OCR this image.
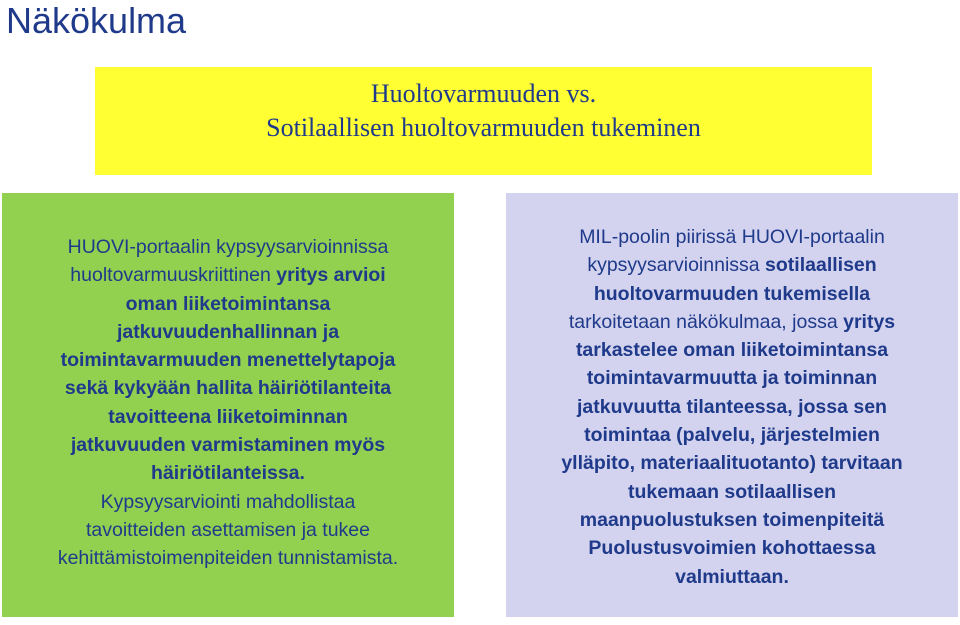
Näkökulma
Huoltovarmuuden vs.
Sotilaallisen huoltovarmuuden tukeminen
HUOVI-portaalin kypsyysarvioinnissa
huoltovarmuuskriittinen yritys arvioi
oman liiketoimintansa
jatkuvuudenhallinnan ja
toimintavarmuuden menettelytapoja
sekä kykyään hallita häiriötilanteita
tavoitteena liiketoiminnan
jatkuvuuden varmistaminen myös
häiriötilanteissa.
Kypsyysarviointi mahdollistaa
tavoitteiden asettamisen ja tukee
kehittämistoimenpiteiden tunnistamista.
MIL-poolin piirissä HUOVI-portaalin
kypsyysarvioinnissa sotilaallisen
huoltovarmuuden tukemisella
tarkoitetaan näkökulmaa, jossa yritys
tarkastelee oman liiketoimintansa
toimintavarmuutta ja toiminnan
jatkuvuutta tilanteessa, jossa sen
toimintaa (palvelu, järjestelmien
ylläpito, materiaalituotanto) tarvitaan
tukemaan sotilaallisen
maanpuolustuksen toimenpiteitä
Puolustusvoimien kohottaessa
valmiuttaan.
